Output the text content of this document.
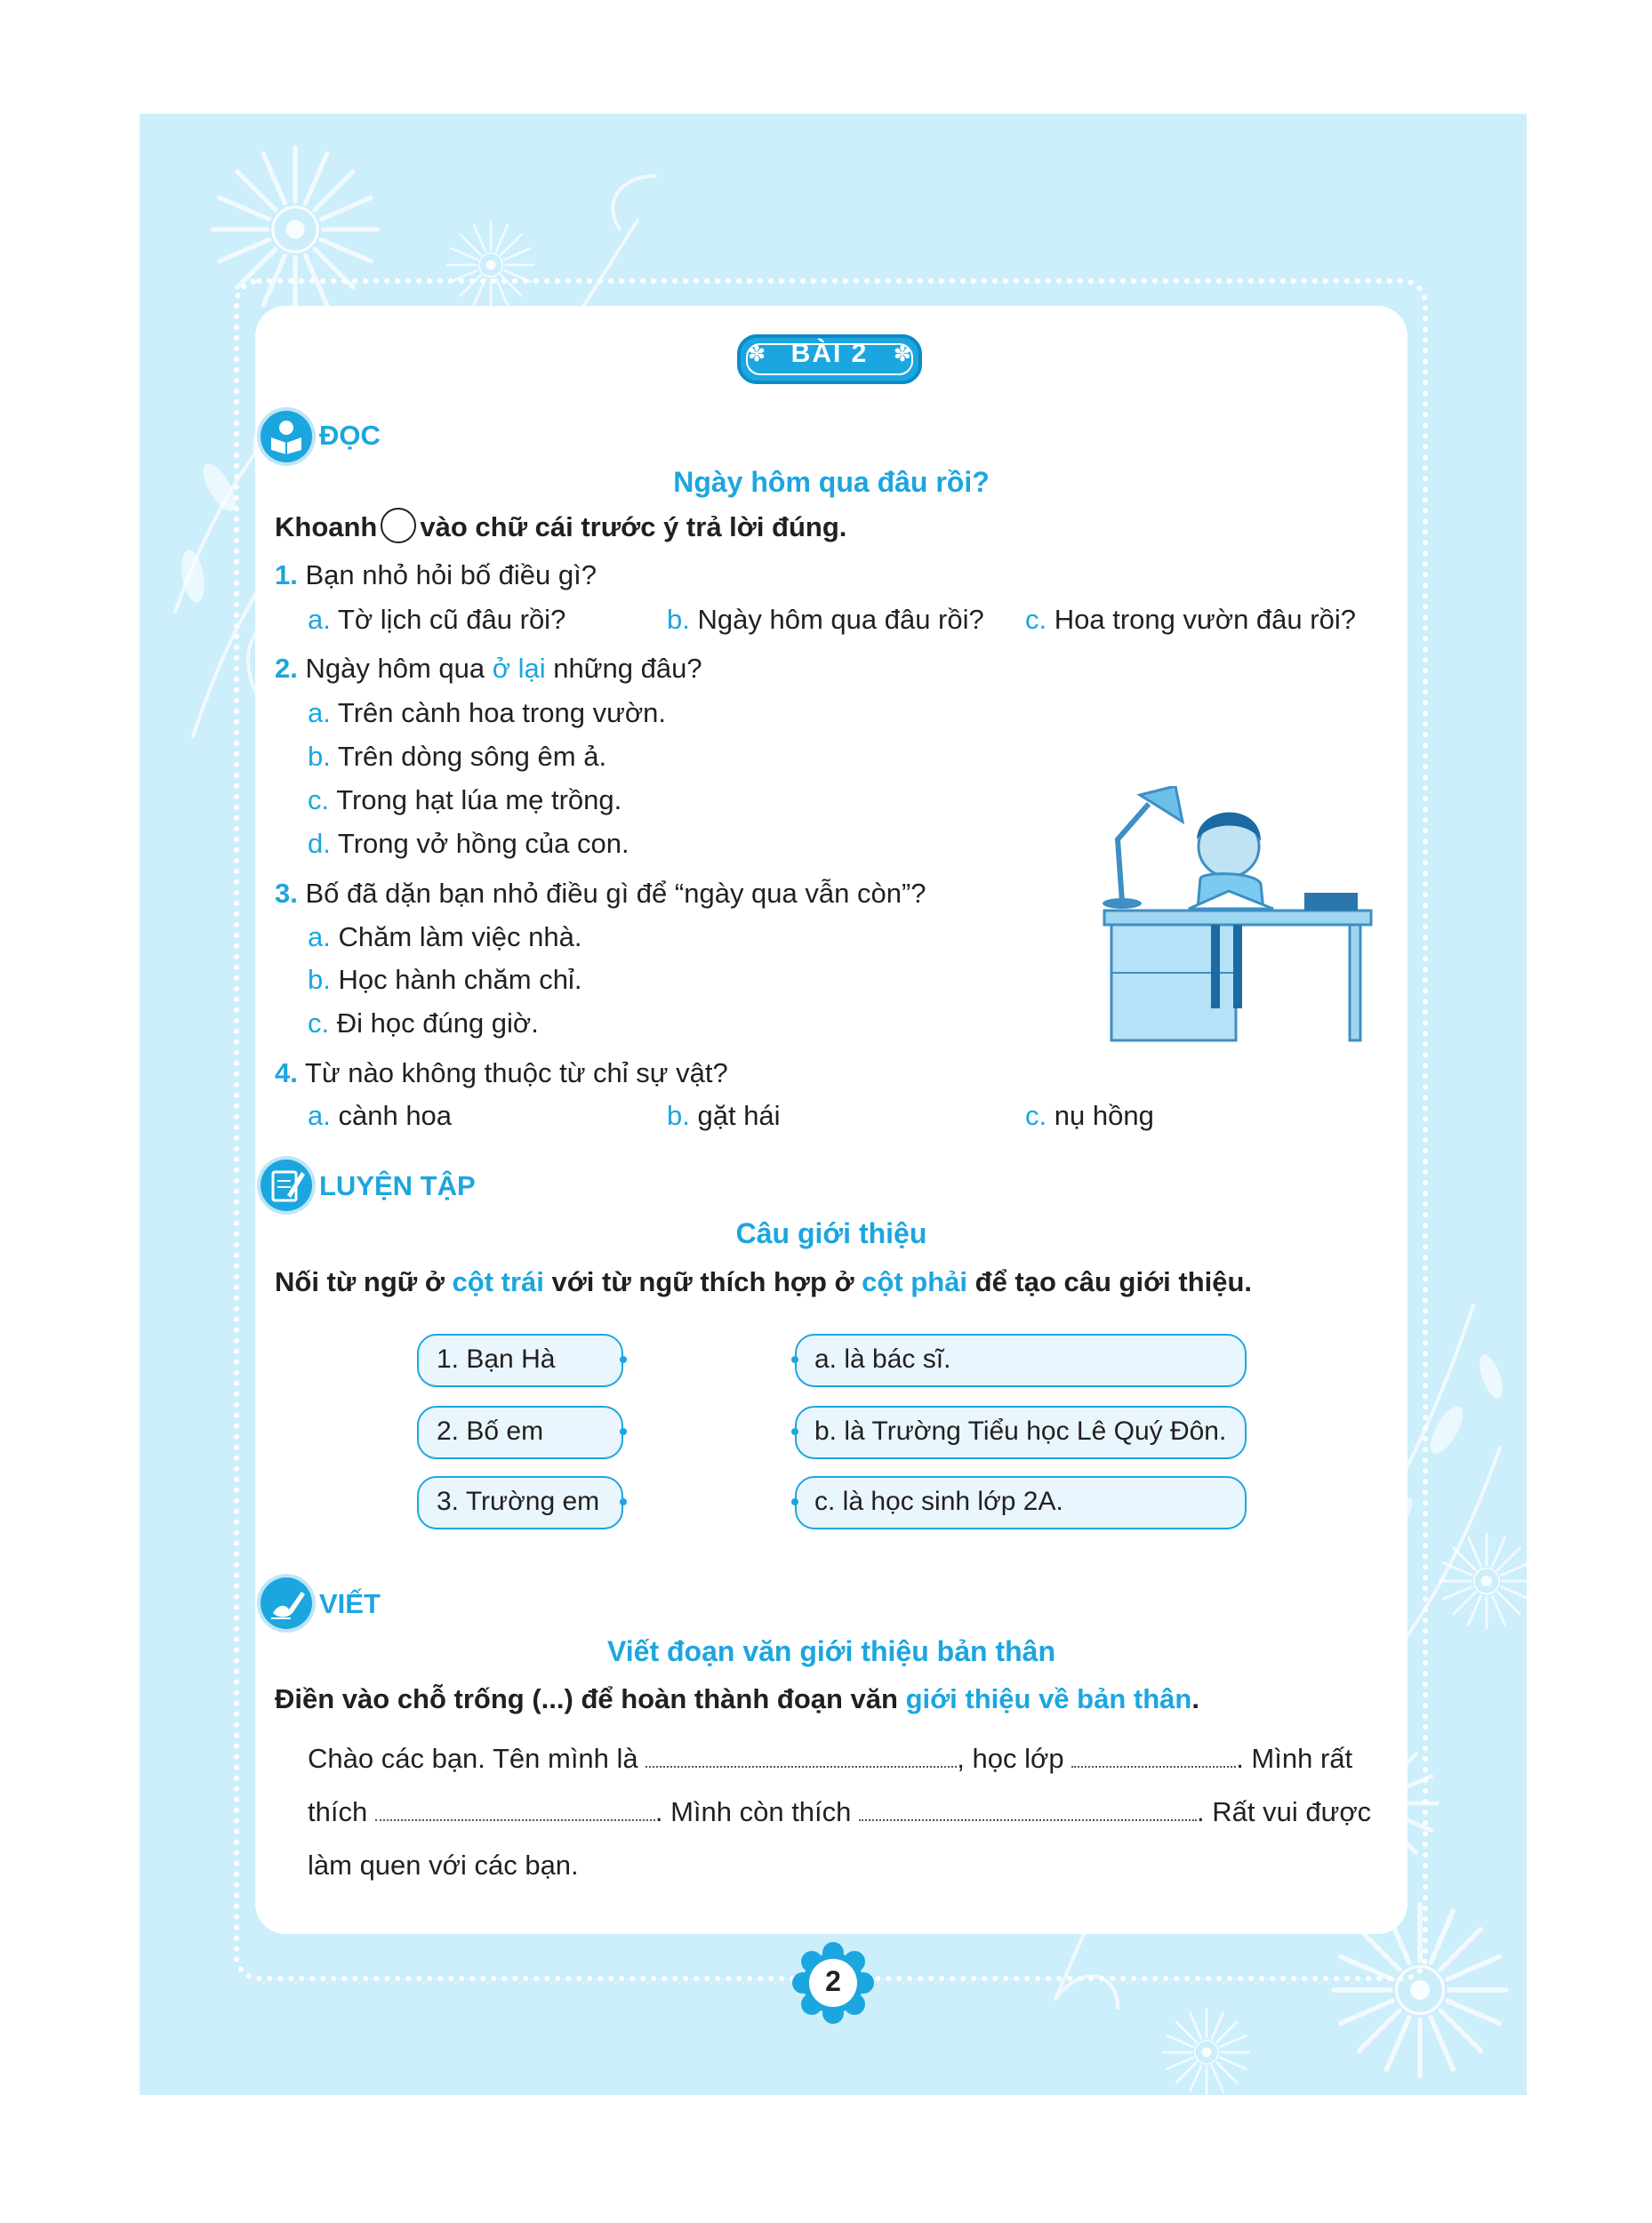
✽	✽
BÀI 2
ĐỌC
Ngày hôm qua đâu rồi?
Khoanh ○ vào chữ cái trước ý trả lời đúng.
1. Bạn nhỏ hỏi bố điều gì?
a. Tờ lịch cũ đâu rồi?	b. Ngày hôm qua đâu rồi? c. Hoa trong vườn đâu rồi?
2. Ngày hôm qua ở lại những đâu?
a. Trên cành hoa trong vườn.
b. Trên dòng sông êm ả.
c. Trong hạt lúa mẹ trồng.
d. Trong vở hồng của con.
3. Bố đã dặn bạn nhỏ điều gì để “ngày qua vẫn còn”?
a. Chăm làm việc nhà.
b. Học hành chăm chỉ.
c. Đi học đúng giờ.
4. Từ nào không thuộc từ chỉ sự vật?
a. cành hoa	b. gặt hái	c. nụ hồng
LUYỆN TẬP
Câu giới thiệu
Nối từ ngữ ở cột trái với từ ngữ thích hợp ở cột phải để tạo câu giới thiệu.
1. Bạn Hà
2. Bố em
3. Trường em
a. là bác sĩ.
b. là Trường Tiểu học Lê Quý Đôn.
c. là học sinh lớp 2A.
VIẾT
Viết đoạn văn giới thiệu bản thân
Điền vào chỗ trống (...) để hoàn thành đoạn văn giới thiệu về bản thân.
Chào các bạn. Tên mình là	, học lớp	. Mình rất
thích	. Mình còn thích	. Rất vui được
làm quen với các bạn.
2
